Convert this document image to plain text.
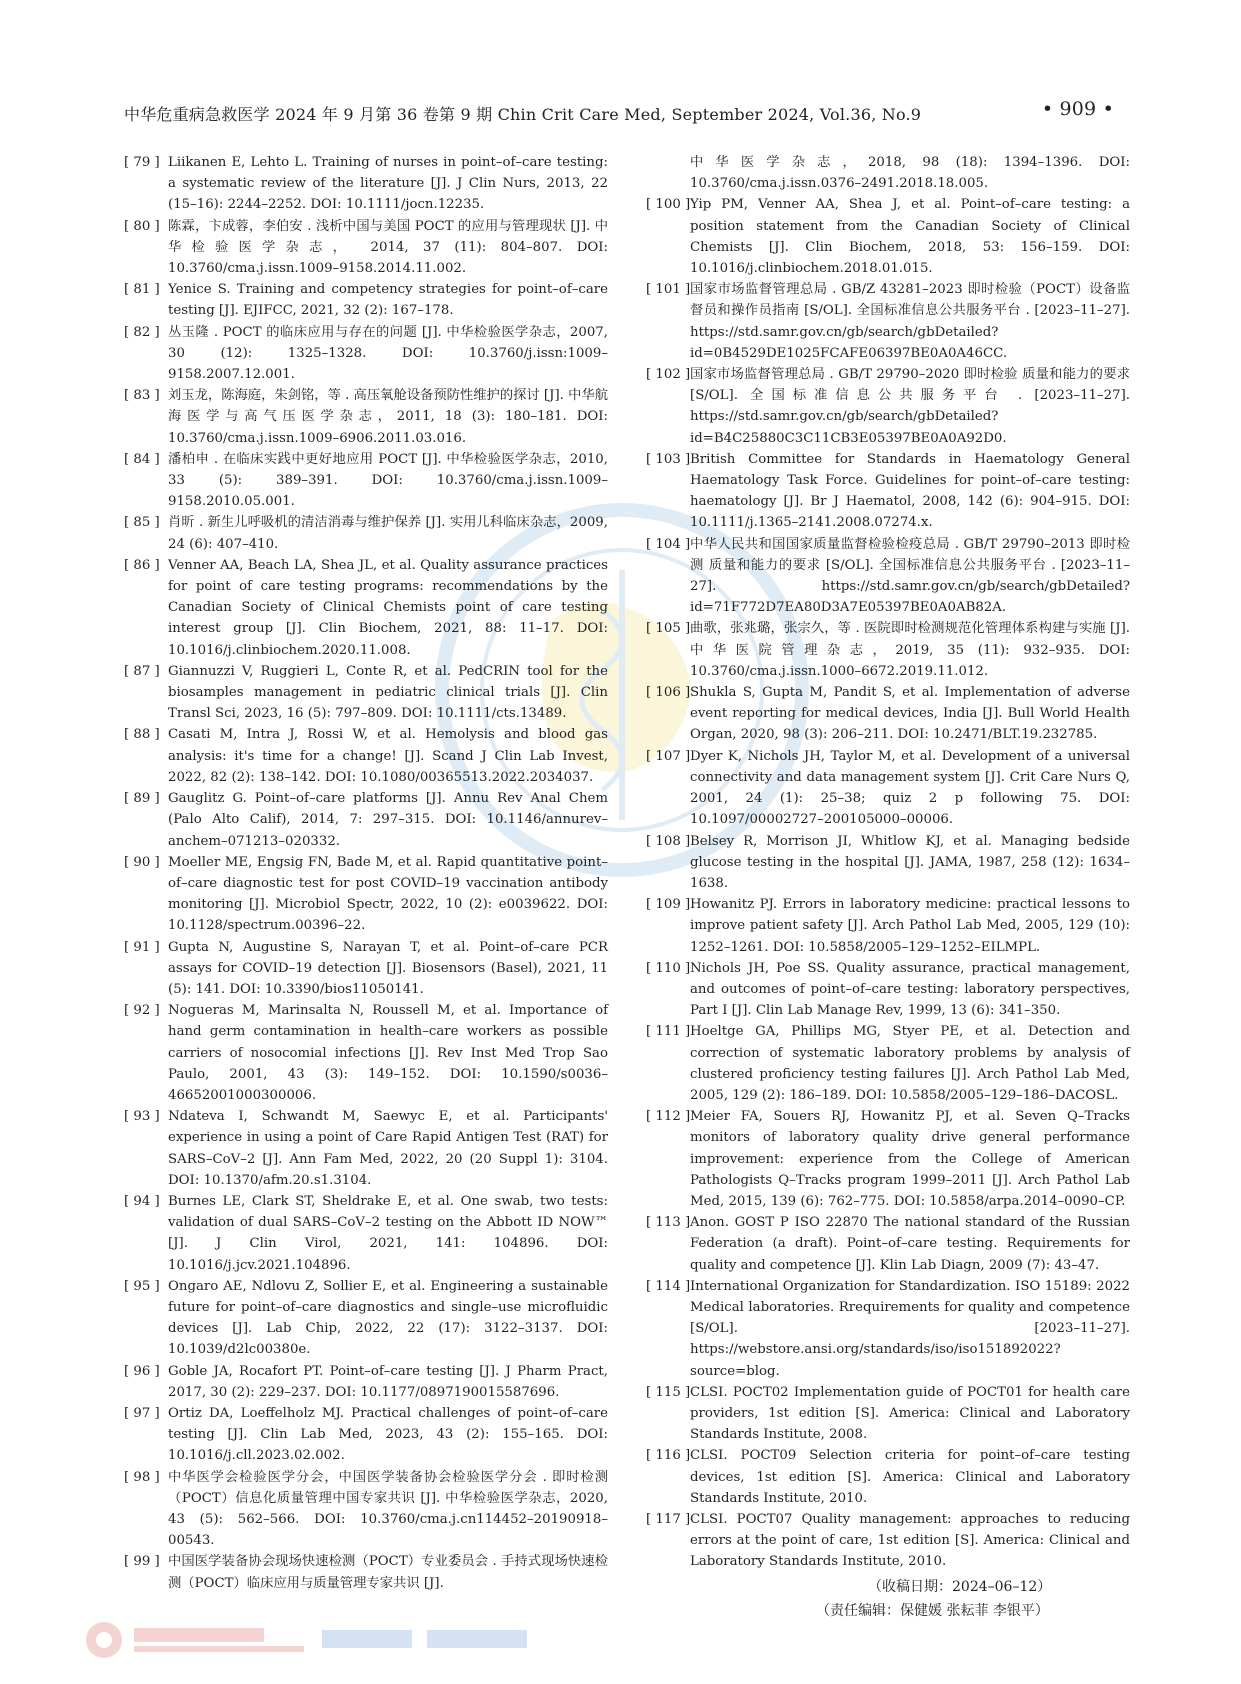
中华危重病急救医学 2024 年 9 月第 36 卷第 9 期 Chin Crit Care Med, September 2024, Vol.36, No.9	• 909 •
[ 79 ] Liikanen E, Lehto L. Training of nurses in point–of–care testing: a systematic review of the literature [J]. J Clin Nurs, 2013, 22 (15–16): 2244–2252. DOI: 10.1111/jocn.12235.
[ 80 ] 陈霖，卞成蓉，李伯安 . 浅析中国与美国 POCT 的应用与管理现状 [J]. 中华检验医学杂志， 2014, 37 (11): 804–807. DOI: 10.3760/cma.j.issn.1009–9158.2014.11.002.
[ 81 ] Yenice S. Training and competency strategies for point–of–care testing [J]. EJIFCC, 2021, 32 (2): 167–178.
[ 82 ] 丛玉隆 . POCT 的临床应用与存在的问题 [J]. 中华检验医学杂志，2007, 30 (12): 1325–1328. DOI: 10.3760/j.issn:1009–9158.2007.12.001.
[ 83 ] 刘玉龙，陈海庭，朱剑铭，等 . 高压氧舱设备预防性维护的探讨 [J]. 中华航海医学与高气压医学杂志，2011, 18 (3): 180–181. DOI: 10.3760/cma.j.issn.1009–6906.2011.03.016.
[ 84 ] 潘柏申 . 在临床实践中更好地应用 POCT [J]. 中华检验医学杂志，2010, 33 (5): 389–391. DOI: 10.3760/cma.j.issn.1009–9158.2010.05.001.
[ 85 ] 肖昕 . 新生儿呼吸机的清洁消毒与维护保养 [J]. 实用儿科临床杂志，2009, 24 (6): 407–410.
[ 86 ] Venner AA, Beach LA, Shea JL, et al. Quality assurance practices for point of care testing programs: recommendations by the Canadian Society of Clinical Chemists point of care testing interest group [J]. Clin Biochem, 2021, 88: 11–17. DOI: 10.1016/j.clinbiochem.2020.11.008.
[ 87 ] Giannuzzi V, Ruggieri L, Conte R, et al. PedCRIN tool for the biosamples management in pediatric clinical trials [J]. Clin Transl Sci, 2023, 16 (5): 797–809. DOI: 10.1111/cts.13489.
[ 88 ] Casati M, Intra J, Rossi W, et al. Hemolysis and blood gas analysis: it's time for a change! [J]. Scand J Clin Lab Invest, 2022, 82 (2): 138–142. DOI: 10.1080/00365513.2022.2034037.
[ 89 ] Gauglitz G. Point–of–care platforms [J]. Annu Rev Anal Chem (Palo Alto Calif), 2014, 7: 297–315. DOI: 10.1146/annurev–anchem–071213–020332.
[ 90 ] Moeller ME, Engsig FN, Bade M, et al. Rapid quantitative point–of–care diagnostic test for post COVID–19 vaccination antibody monitoring [J]. Microbiol Spectr, 2022, 10 (2): e0039622. DOI: 10.1128/spectrum.00396–22.
[ 91 ] Gupta N, Augustine S, Narayan T, et al. Point–of–care PCR assays for COVID–19 detection [J]. Biosensors (Basel), 2021, 11 (5): 141. DOI: 10.3390/bios11050141.
[ 92 ] Nogueras M, Marinsalta N, Roussell M, et al. Importance of hand germ contamination in health–care workers as possible carriers of nosocomial infections [J]. Rev Inst Med Trop Sao Paulo, 2001, 43 (3): 149–152. DOI: 10.1590/s0036–46652001000300006.
[ 93 ] Ndateva I, Schwandt M, Saewyc E, et al. Participants' experience in using a point of Care Rapid Antigen Test (RAT) for SARS–CoV–2 [J]. Ann Fam Med, 2022, 20 (20 Suppl 1): 3104. DOI: 10.1370/afm.20.s1.3104.
[ 94 ] Burnes LE, Clark ST, Sheldrake E, et al. One swab, two tests: validation of dual SARS–CoV–2 testing on the Abbott ID NOW™ [J]. J Clin Virol, 2021, 141: 104896. DOI: 10.1016/j.jcv.2021.104896.
[ 95 ] Ongaro AE, Ndlovu Z, Sollier E, et al. Engineering a sustainable future for point–of–care diagnostics and single–use microfluidic devices [J]. Lab Chip, 2022, 22 (17): 3122–3137. DOI: 10.1039/d2lc00380e.
[ 96 ] Goble JA, Rocafort PT. Point–of–care testing [J]. J Pharm Pract, 2017, 30 (2): 229–237. DOI: 10.1177/0897190015587696.
[ 97 ] Ortiz DA, Loeffelholz MJ. Practical challenges of point–of–care testing [J]. Clin Lab Med, 2023, 43 (2): 155–165. DOI: 10.1016/j.cll.2023.02.002.
[ 98 ] 中华医学会检验医学分会，中国医学装备协会检验医学分会 . 即时检测（POCT）信息化质量管理中国专家共识 [J]. 中华检验医学杂志，2020, 43 (5): 562–566. DOI: 10.3760/cma.j.cn114452–20190918–00543.
[ 99 ] 中国医学装备协会现场快速检测（POCT）专业委员会 . 手持式现场快速检测（POCT）临床应用与质量管理专家共识 [J].
中华医学杂志，2018, 98 (18): 1394–1396. DOI: 10.3760/cma.j.issn.0376–2491.2018.18.005.
[ 100 ] Yip PM, Venner AA, Shea J, et al. Point–of–care testing: a position statement from the Canadian Society of Clinical Chemists [J]. Clin Biochem, 2018, 53: 156–159. DOI: 10.1016/j.clinbiochem.2018.01.015.
[ 101 ] 国家市场监督管理总局 . GB/Z 43281–2023 即时检验（POCT）设备监督员和操作员指南 [S/OL]. 全国标准信息公共服务平台 . [2023–11–27]. https://std.samr.gov.cn/gb/search/gbDetailed?id=0B4529DE1025FCAFE06397BE0A0A46CC.
[ 102 ] 国家市场监督管理总局 . GB/T 29790–2020 即时检验 质量和能力的要求 [S/OL]. 全国标准信息公共服务平台 . [2023–11–27]. https://std.samr.gov.cn/gb/search/gbDetailed?id=B4C25880C3C11CB3E05397BE0A0A92D0.
[ 103 ] British Committee for Standards in Haematology General Haematology Task Force. Guidelines for point–of–care testing: haematology [J]. Br J Haematol, 2008, 142 (6): 904–915. DOI: 10.1111/j.1365–2141.2008.07274.x.
[ 104 ] 中华人民共和国国家质量监督检验检疫总局 . GB/T 29790–2013 即时检测 质量和能力的要求 [S/OL]. 全国标准信息公共服务平台 . [2023–11–27]. https://std.samr.gov.cn/gb/search/gbDetailed?id=71F772D7EA80D3A7E05397BE0A0AB82A.
[ 105 ] 曲歌，张兆璐，张宗久，等 . 医院即时检测规范化管理体系构建与实施 [J]. 中华医院管理杂志，2019, 35 (11): 932–935. DOI: 10.3760/cma.j.issn.1000–6672.2019.11.012.
[ 106 ] Shukla S, Gupta M, Pandit S, et al. Implementation of adverse event reporting for medical devices, India [J]. Bull World Health Organ, 2020, 98 (3): 206–211. DOI: 10.2471/BLT.19.232785.
[ 107 ] Dyer K, Nichols JH, Taylor M, et al. Development of a universal connectivity and data management system [J]. Crit Care Nurs Q, 2001, 24 (1): 25–38; quiz 2 p following 75. DOI: 10.1097/00002727–200105000–00006.
[ 108 ] Belsey R, Morrison JI, Whitlow KJ, et al. Managing bedside glucose testing in the hospital [J]. JAMA, 1987, 258 (12): 1634–1638.
[ 109 ] Howanitz PJ. Errors in laboratory medicine: practical lessons to improve patient safety [J]. Arch Pathol Lab Med, 2005, 129 (10): 1252–1261. DOI: 10.5858/2005–129–1252–EILMPL.
[ 110 ] Nichols JH, Poe SS. Quality assurance, practical management, and outcomes of point–of–care testing: laboratory perspectives, Part Ⅰ [J]. Clin Lab Manage Rev, 1999, 13 (6): 341–350.
[ 111 ] Hoeltge GA, Phillips MG, Styer PE, et al. Detection and correction of systematic laboratory problems by analysis of clustered proficiency testing failures [J]. Arch Pathol Lab Med, 2005, 129 (2): 186–189. DOI: 10.5858/2005–129–186–DACOSL.
[ 112 ] Meier FA, Souers RJ, Howanitz PJ, et al. Seven Q–Tracks monitors of laboratory quality drive general performance improvement: experience from the College of American Pathologists Q–Tracks program 1999–2011 [J]. Arch Pathol Lab Med, 2015, 139 (6): 762–775. DOI: 10.5858/arpa.2014–0090–CP.
[ 113 ] Anon. GOST P ISO 22870 The national standard of the Russian Federation (a draft). Point–of–care testing. Requirements for quality and competence [J]. Klin Lab Diagn, 2009 (7): 43–47.
[ 114 ] International Organization for Standardization. ISO 15189: 2022 Medical laboratories. Rrequirements for quality and competence [S/OL]. [2023–11–27]. https://webstore.ansi.org/standards/iso/iso151892022?source=blog.
[ 115 ] CLSI. POCT02 Implementation guide of POCT01 for health care providers, 1st edition [S]. America: Clinical and Laboratory Standards Institute, 2008.
[ 116 ] CLSI. POCT09 Selection criteria for point–of–care testing devices, 1st edition [S]. America: Clinical and Laboratory Standards Institute, 2010.
[ 117 ] CLSI. POCT07 Quality management: approaches to reducing errors at the point of care, 1st edition [S]. America: Clinical and Laboratory Standards Institute, 2010.
（收稿日期：2024–06–12）
（责任编辑：保健媛 张耘菲 李银平）
